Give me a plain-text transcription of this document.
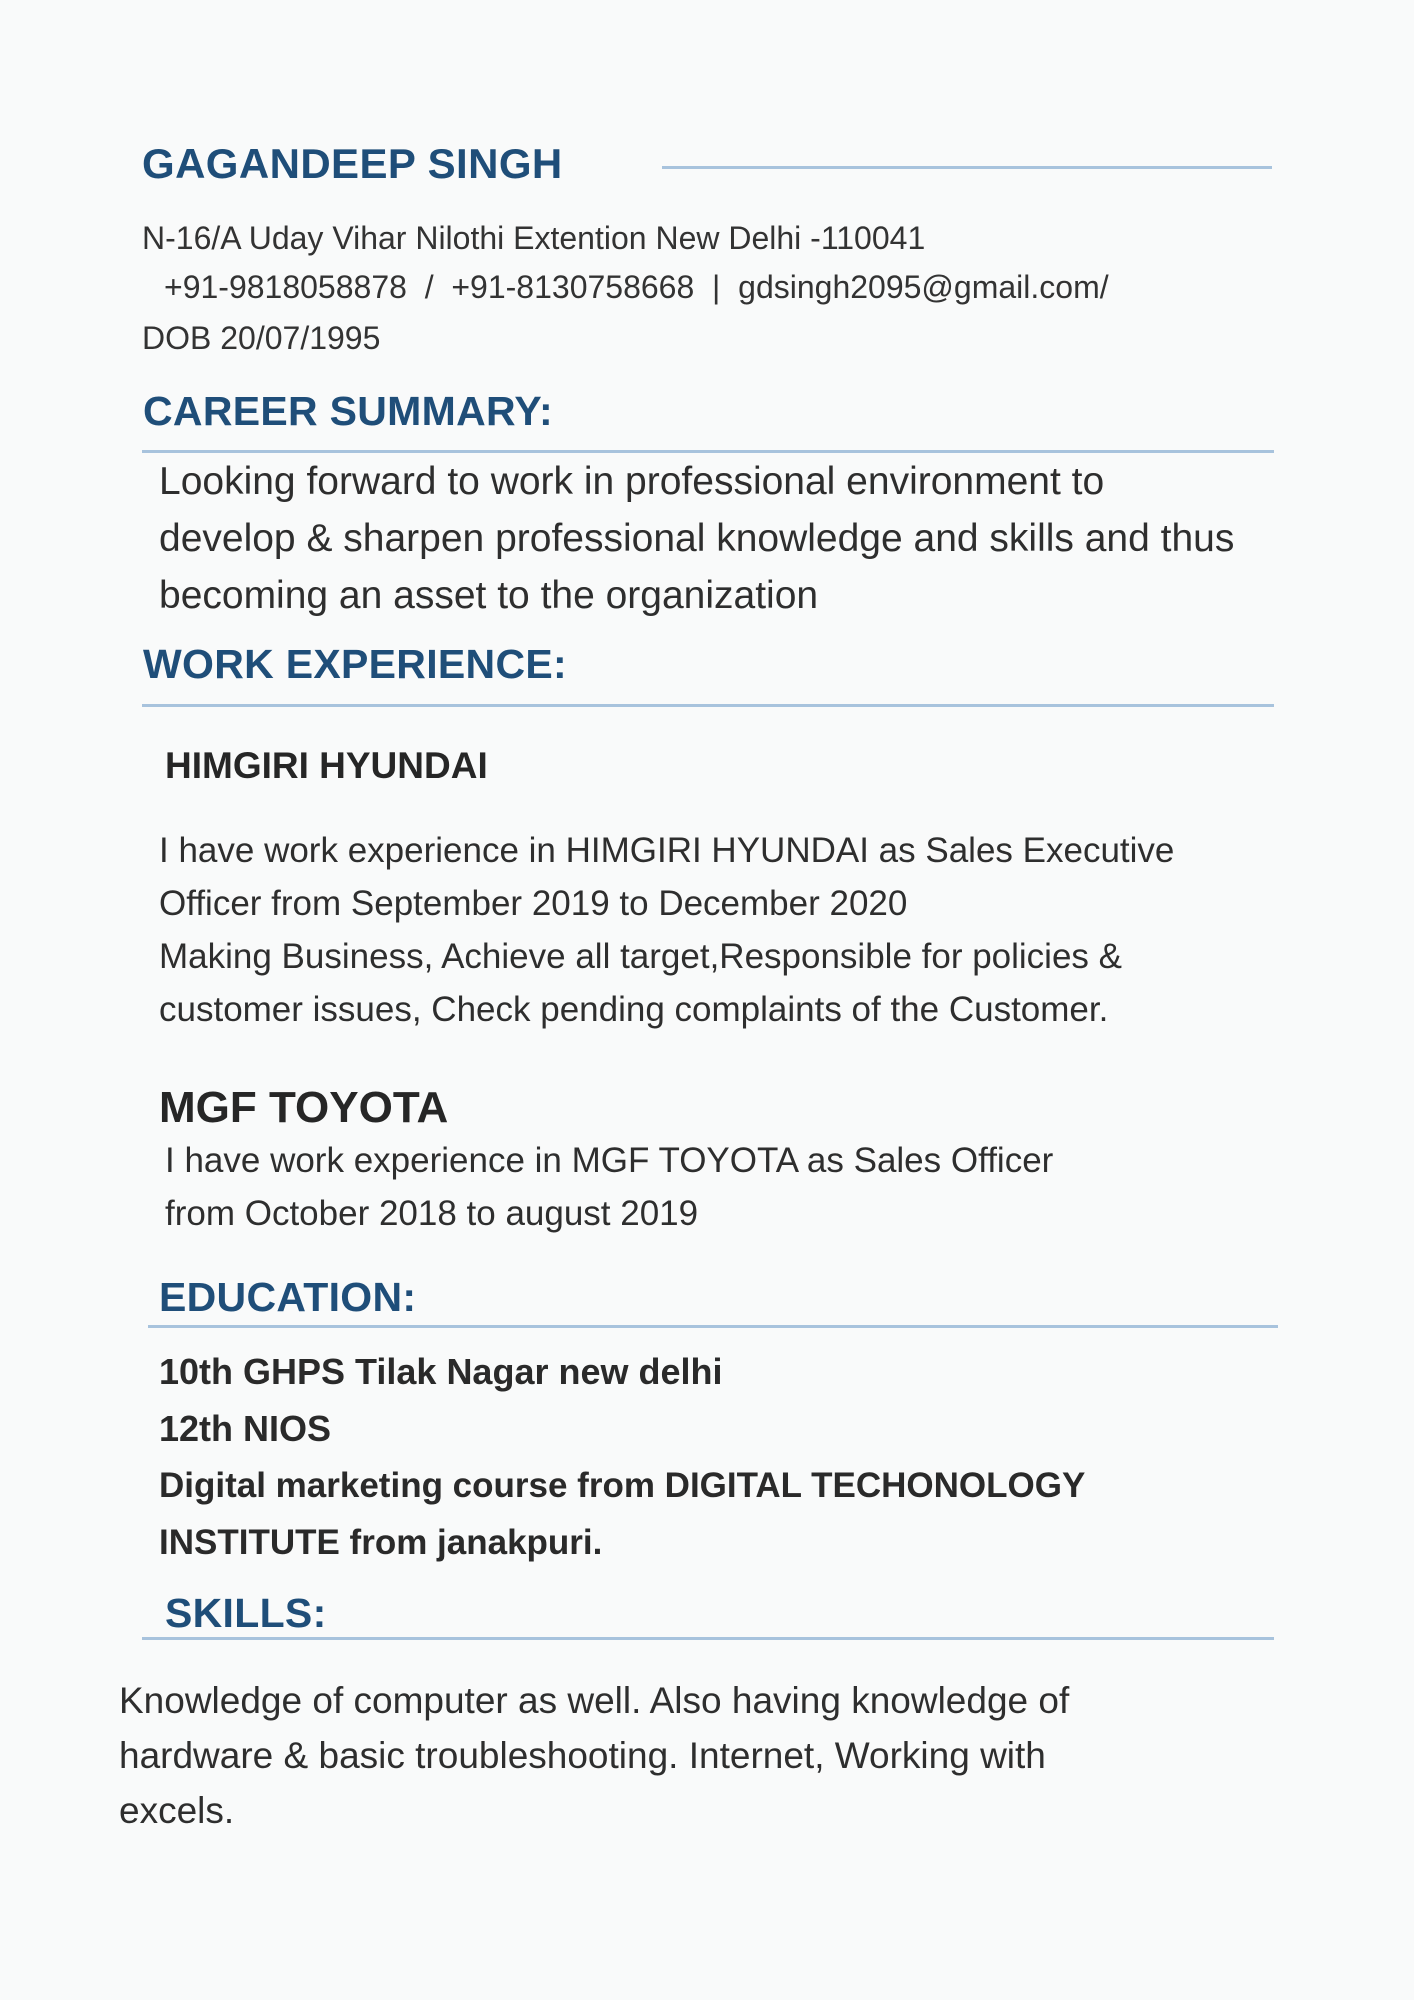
GAGANDEEP SINGH
N-16/A Uday Vihar Nilothi Extention New Delhi -110041
+91-9818058878  /  +91-8130758668  |  gdsingh2095@gmail.com/
DOB 20/07/1995
CAREER SUMMARY:
Looking forward to work in professional environment to
develop & sharpen professional knowledge and skills and thus
becoming an asset to the organization
WORK EXPERIENCE:
HIMGIRI HYUNDAI
I have work experience in HIMGIRI HYUNDAI as Sales Executive
Officer from September 2019 to December 2020
Making Business, Achieve all target,Responsible for policies &
customer issues, Check pending complaints of the Customer.
MGF TOYOTA
I have work experience in MGF TOYOTA as Sales Officer
from October 2018 to august 2019
EDUCATION:
10th GHPS Tilak Nagar new delhi
12th NIOS
Digital marketing course from DIGITAL TECHONOLOGY
INSTITUTE from janakpuri.
SKILLS:
Knowledge of computer as well. Also having knowledge of
hardware & basic troubleshooting. Internet, Working with
excels.
